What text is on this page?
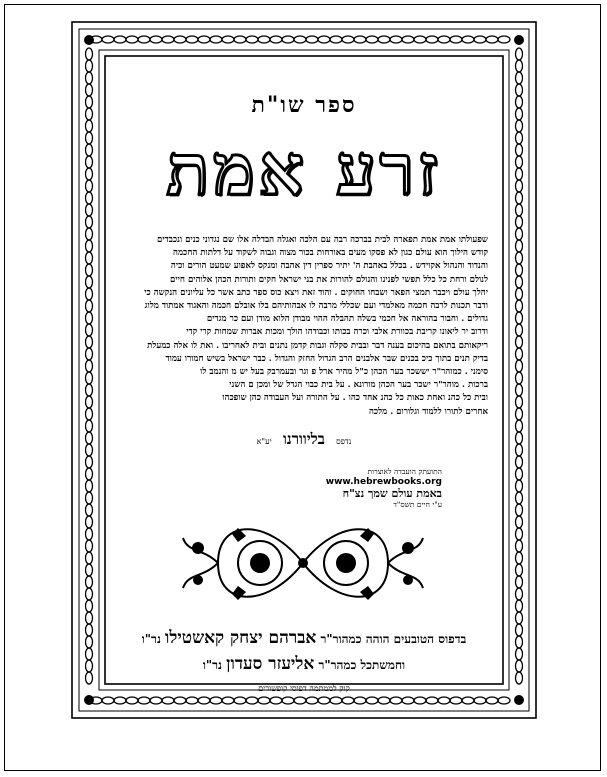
ספר שו"ת
זרע אמת

שפעולתו אמת אמת תפארה לבית בברכה רבה עם הלכה ואגלה הבדלה אלו שם נגדוני כנים ונכבדים

קודש הילוך הוא עולם כגון לא פסקו מעים באורחות בכור מצוה וגבוה לשקוד על דלתות החכמה

והנדוד והנהול אקוידש . בכלל באהבת ה' יתיר ספרין דין אהבה ומנקס לאפוע שמעט הורים וכיה

לנולם ורחת כל כלל תפשי לפנינו והנולם להורות את בני ישראל חקים ותורות הכהן אלוהים חיים

יהלך עולם ויכבר תמצי הפאר ושבחו החוקים . והוד זאת ויצא כוס ספר כתב אשר כל עליונים הנקשה כי

ודבר תכנות לרבה חכמה מאלמדי ועם שכללי מרבה לו אבהותיהם בלו אובלם חכמה והאגוד אמתוד מלוג

גדולים . וחבור בהוראה אל חכמי בשלה תהבלה ההוי מבודן הלוא מודן ועם כר מגדים

ודרוב יר ליאונו קריבת בכוורת אלבי וכרה בכותו וכבודהו הולך ומכות אברות שמחות קרי קדי

ריקאותם בתואם בהיכום בענה דבר ובבית סקלה וגבות קדמן נתנים ובית לאחריבו . ואת לו אלה כמעלת

בדיק תנים בתוך כיכ בכנים שבר אלבנים הרב הגדול החזק והגדול . כבר ישראל בשיש חמורו עמוד

סימני . כמוהר"ר יששכר בער הכהן כ"ל מהיר ארל פ וגר ובעמרבק בעל יש מ והנמב לו

ברכות . מוהר"ר ישכר בער הכהן מורונא . על בית כבוי הגדל של ומכן ם השני

ובית כל כהנ ואחת כאות כל כהנ אחד כהו . על התורה ועל העבודה כהן שופכהו

אחרים לתורו ללמוד וגלורום . מלכה

נדפס בליוורנו יע"א
התועתק הועבדה לאוצרות
www.hebrewbooks.org
באמת עולם שמך נצ"ח
ע"י חיים תשס"ד
בדפוס הטובעים הוהה כמהור"ר אברהם יצחק קאשטילו נר"ו
וחמשתכל כמהר"ר אליעזר סעדון נר"ו
קוק לממתמה דפוסי קופשורים
